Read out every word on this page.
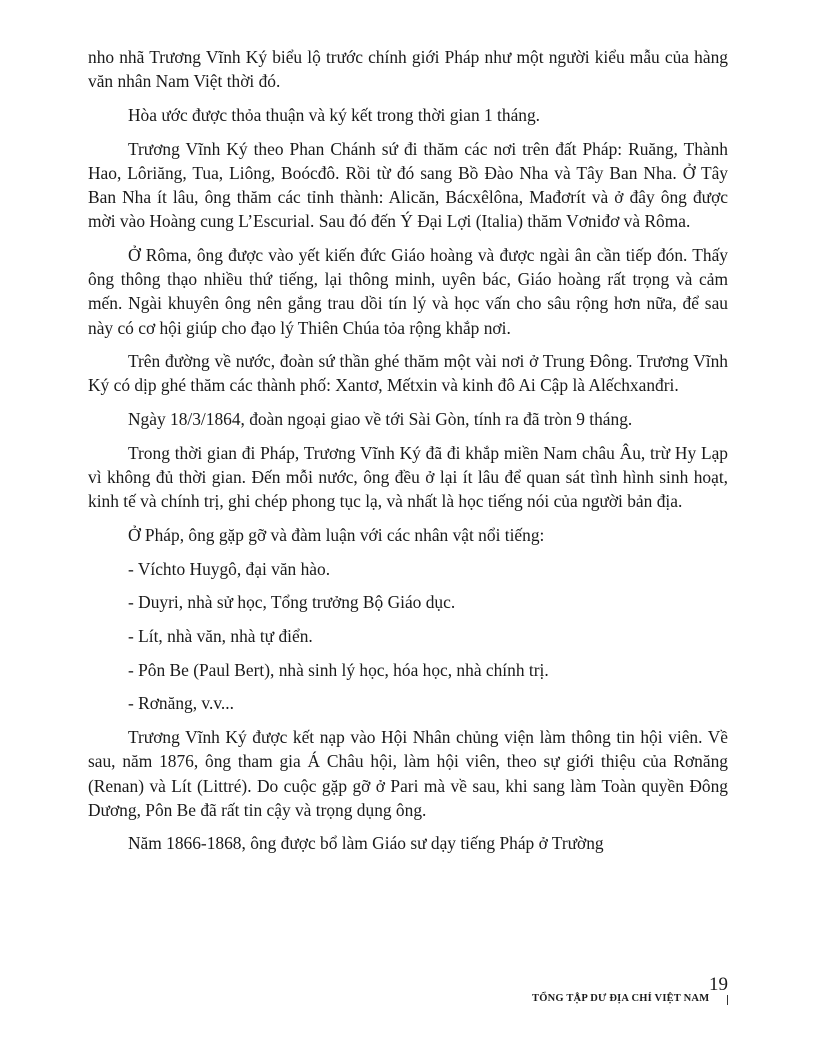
nho nhã Trương Vĩnh Ký biểu lộ trước chính giới Pháp như một người kiểu mẫu của hàng văn nhân Nam Việt thời đó.

Hòa ước được thỏa thuận và ký kết trong thời gian 1 tháng.

Trương Vĩnh Ký theo Phan Chánh sứ đi thăm các nơi trên đất Pháp: Ruăng, Thành Hao, Lôriăng, Tua, Liông, Boócđô. Rồi từ đó sang Bồ Đào Nha và Tây Ban Nha. Ở Tây Ban Nha ít lâu, ông thăm các tỉnh thành: Alicăn, Bácxêlôna, Mađơrít và ở đây ông được mời vào Hoàng cung L’Escurial. Sau đó đến Ý Đại Lợi (Italia) thăm Vơniđơ và Rôma.

Ở Rôma, ông được vào yết kiến đức Giáo hoàng và được ngài ân cần tiếp đón. Thấy ông thông thạo nhiều thứ tiếng, lại thông minh, uyên bác, Giáo hoàng rất trọng và cảm mến. Ngài khuyên ông nên gắng trau dồi tín lý và học vấn cho sâu rộng hơn nữa, để sau này có cơ hội giúp cho đạo lý Thiên Chúa tỏa rộng khắp nơi.

Trên đường về nước, đoàn sứ thần ghé thăm một vài nơi ở Trung Đông. Trương Vĩnh Ký có dịp ghé thăm các thành phố: Xantơ, Mếtxin và kinh đô Ai Cập là Alếchxanđri.

Ngày 18/3/1864, đoàn ngoại giao về tới Sài Gòn, tính ra đã tròn 9 tháng.

Trong thời gian đi Pháp, Trương Vĩnh Ký đã đi khắp miền Nam châu Âu, trừ Hy Lạp vì không đủ thời gian. Đến mỗi nước, ông đều ở lại ít lâu để quan sát tình hình sinh hoạt, kinh tế và chính trị, ghi chép phong tục lạ, và nhất là học tiếng nói của người bản địa.

Ở Pháp, ông gặp gỡ và đàm luận với các nhân vật nổi tiếng:

- Víchto Huygô, đại văn hào.

- Duyri, nhà sử học, Tổng trưởng Bộ Giáo dục.

- Lít, nhà văn, nhà tự điển.

- Pôn Be (Paul Bert), nhà sinh lý học, hóa học, nhà chính trị.

- Rơnăng, v.v...

Trương Vĩnh Ký được kết nạp vào Hội Nhân chủng viện làm thông tin hội viên. Về sau, năm 1876, ông tham gia Á Châu hội, làm hội viên, theo sự giới thiệu của Rơnăng (Renan) và Lít (Littré). Do cuộc gặp gỡ ở Pari mà về sau, khi sang làm Toàn quyền Đông Dương, Pôn Be đã rất tin cậy và trọng dụng ông.

Năm 1866-1868, ông được bổ làm Giáo sư dạy tiếng Pháp ở Trường

19
TỔNG TẬP DƯ ĐỊA CHÍ VIỆT NAM
